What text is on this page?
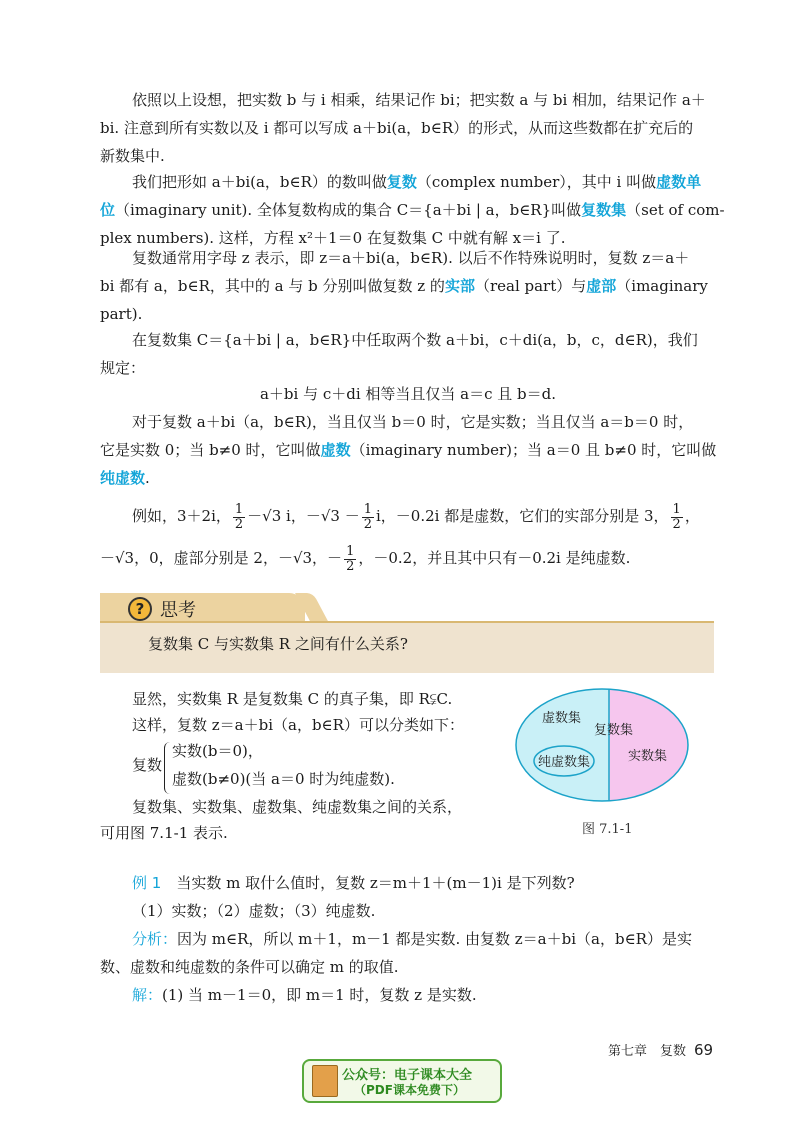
依照以上设想，把实数 b 与 i 相乘，结果记作 bi；把实数 a 与 bi 相加，结果记作 a＋
bi. 注意到所有实数以及 i 都可以写成 a＋bi(a，b∈R）的形式，从而这些数都在扩充后的
新数集中.
我们把形如 a＋bi(a，b∈R）的数叫做复数（complex number），其中 i 叫做虚数单
位（imaginary unit). 全体复数构成的集合 C＝{a＋bi | a，b∈R}叫做复数集（set of com-
plex numbers). 这样，方程 x²＋1＝0 在复数集 C 中就有解 x＝i 了.
复数通常用字母 z 表示，即 z＝a＋bi(a，b∈R). 以后不作特殊说明时，复数 z＝a＋
bi 都有 a，b∈R，其中的 a 与 b 分别叫做复数 z 的实部（real part）与虚部（imaginary
part).
在复数集 C＝{a＋bi | a，b∈R}中任取两个数 a＋bi，c＋di(a，b，c，d∈R)，我们
规定：
a＋bi 与 c＋di 相等当且仅当 a＝c 且 b＝d.
对于复数 a＋bi（a，b∈R)，当且仅当 b＝0 时，它是实数；当且仅当 a＝b＝0 时，
它是实数 0；当 b≠0 时，它叫做虚数（imaginary number)；当 a＝0 且 b≠0 时，它叫做
纯虚数.
例如，3＋2i， $\frac{1}{2} -√3$ i，$-√3 - \frac{1}{2}$ i，－0.2i 都是虚数，它们的实部分别是 3， $\frac{1}{2}$ ，
－√3，0，虚部分别是 2，－√3，－ $\frac{1}{2}$ ，－0.2，并且其中只有－0.2i 是纯虚数.
? 思考
复数集 C 与实数集 R 之间有什么关系?
显然，实数集 R 是复数集 C 的真子集，即 R⫋C.
这样，复数 z＝a＋bi（a，b∈R）可以分类如下：
复数
实数(b＝0)，
虚数(b≠0)(当 a＝0 时为纯虚数).
复数集、实数集、虚数集、纯虚数集之间的关系，
可用图 7.1-1 表示.
虚数集
复数集
纯虚数集	实数集
图 7.1-1
例 1　 当实数 m 取什么值时，复数 z＝m＋1＋(m－1)i 是下列数?
（1）实数；（2）虚数；（3）纯虚数.
分析：因为 m∈R，所以 m＋1，m－1 都是实数. 由复数 z＝a＋bi（a，b∈R）是实
数、虚数和纯虚数的条件可以确定 m 的取值.
解：(1) 当 m－1＝0，即 m＝1 时，复数 z 是实数.
第七章　复数 69
公众号：电子课本大全
（PDF课本免费下）
